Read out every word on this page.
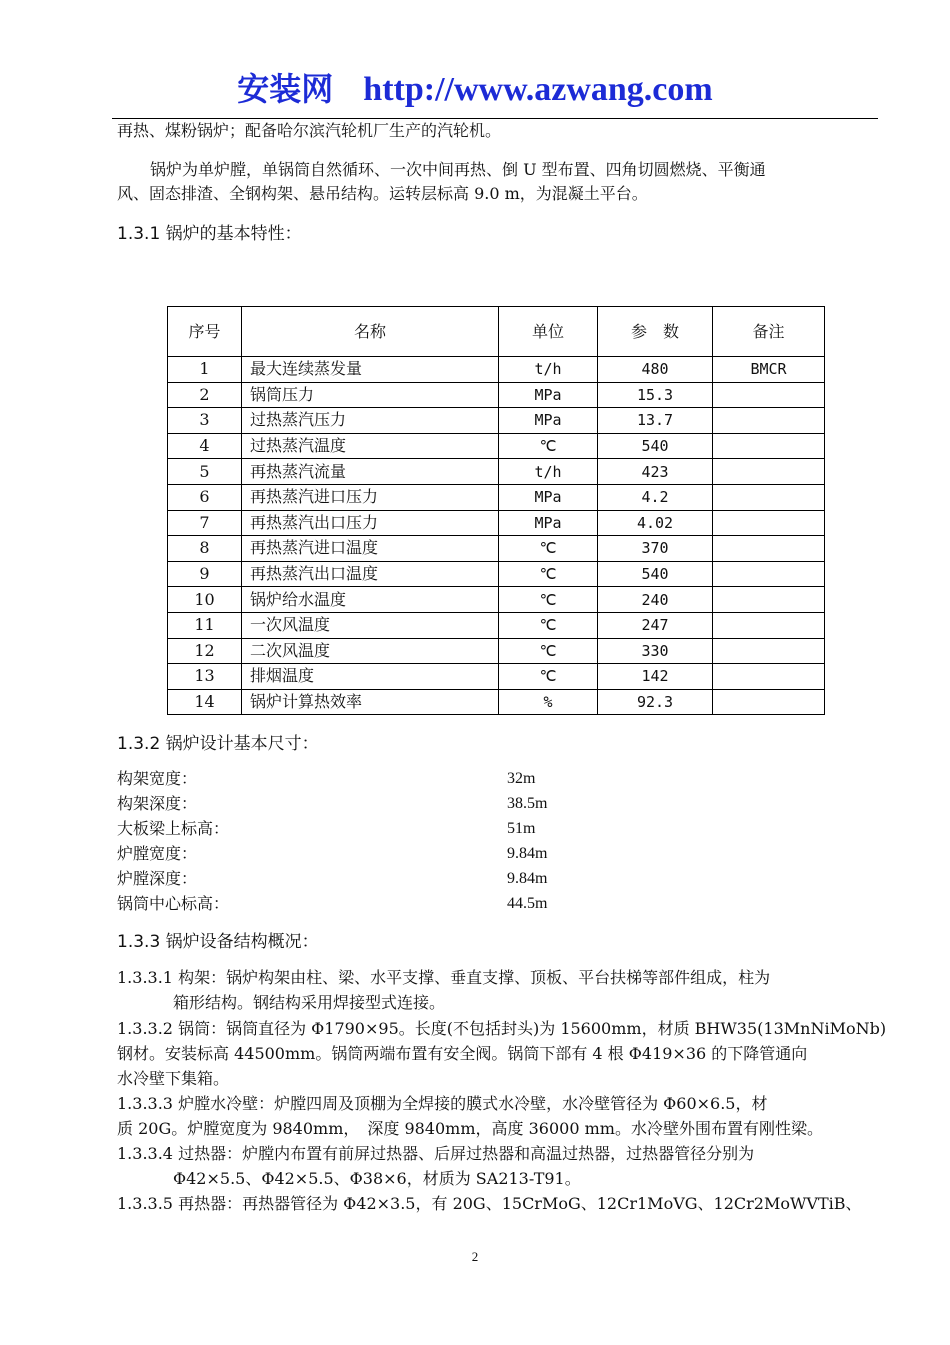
安装网 http://www.azwang.com
再热、煤粉锅炉；配备哈尔滨汽轮机厂生产的汽轮机。
锅炉为单炉膛，单锅筒自然循环、一次中间再热、倒 U 型布置、四角切圆燃烧、平衡通
风、固态排渣、全钢构架、悬吊结构。运转层标高 9.0 m，为混凝土平台。
1.3.1 锅炉的基本特性：
序号	名称	单位	参　数	备注
1	最大连续蒸发量	t/h	480	BMCR
2	锅筒压力	MPa	15.3	
3	过热蒸汽压力	MPa	13.7	
4	过热蒸汽温度	℃	540	
5	再热蒸汽流量	t/h	423	
6	再热蒸汽进口压力	MPa	4.2	
7	再热蒸汽出口压力	MPa	4.02	
8	再热蒸汽进口温度	℃	370	
9	再热蒸汽出口温度	℃	540	
10	锅炉给水温度	℃	240	
11	一次风温度	℃	247	
12	二次风温度	℃	330	
13	排烟温度	℃	142	
14	锅炉计算热效率	%	92.3	
1.3.2 锅炉设计基本尺寸：
构架宽度：	32m
构架深度：	38.5m
大板梁上标高：	51m
炉膛宽度：	9.84m
炉膛深度：	9.84m
锅筒中心标高：	44.5m
1.3.3 锅炉设备结构概况：
1.3.3.1 构架：锅炉构架由柱、梁、水平支撑、垂直支撑、顶板、平台扶梯等部件组成，柱为
箱形结构。钢结构采用焊接型式连接。
1.3.3.2 锅筒：锅筒直径为 Φ1790×95。长度(不包括封头)为 15600mm，材质 BHW35(13MnNiMoNb)
钢材。安装标高 44500mm。锅筒两端布置有安全阀。锅筒下部有 4 根 Φ419×36 的下降管通向
水冷壁下集箱。
1.3.3.3 炉膛水冷壁：炉膛四周及顶棚为全焊接的膜式水冷壁，水冷壁管径为 Φ60×6.5，材
质 20G。炉膛宽度为 9840mm，　深度 9840mm，高度 36000 mm。水冷壁外围布置有刚性梁。
1.3.3.4 过热器：炉膛内布置有前屏过热器、后屏过热器和高温过热器，过热器管径分别为
Φ42×5.5、Φ42×5.5、Φ38×6，材质为 SA213-T91。
1.3.3.5 再热器：再热器管径为 Φ42×3.5，有 20G、15CrMoG、12Cr1MoVG、12Cr2MoWVTiB、
2
